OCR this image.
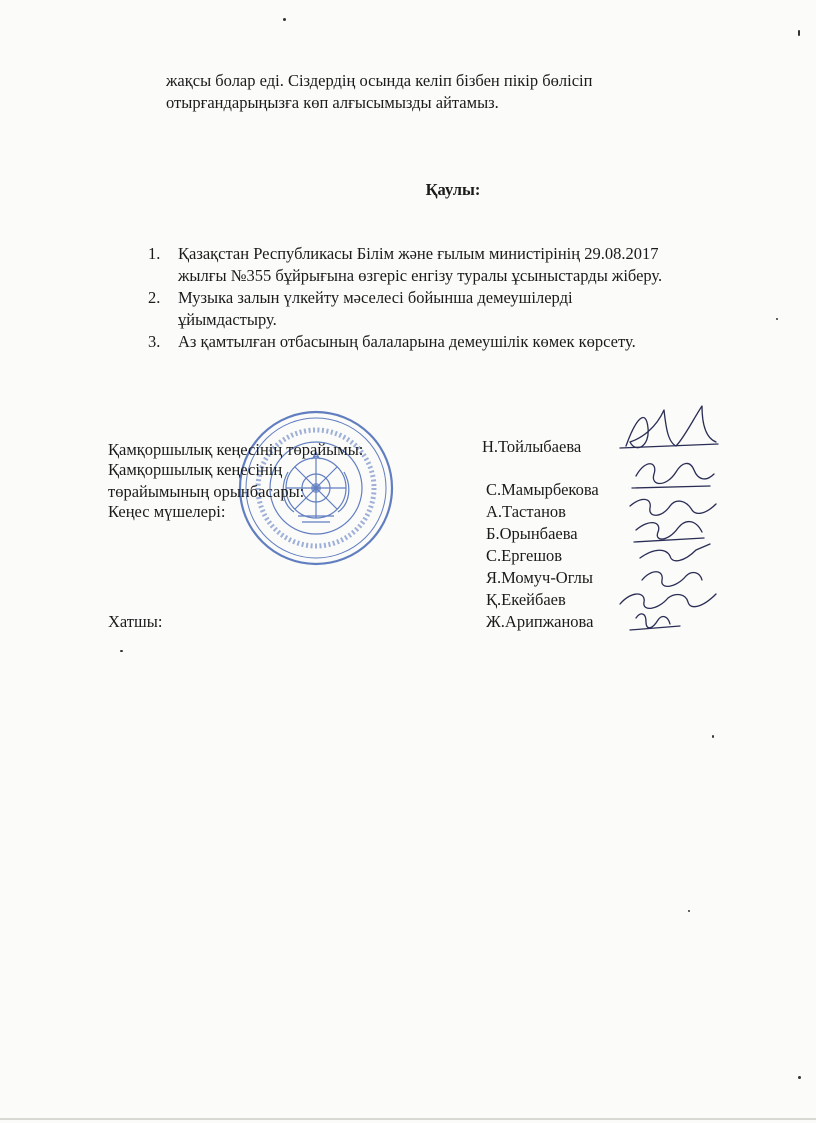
жақсы болар еді. Сіздердің осында келіп бізбен пікір бөлісіп
отырғандарыңызға көп алғысымызды айтамыз.
Қаулы:
1. Қазақстан Республикасы Білім және ғылым министірінің 29.08.2017
жылғы №355 бұйрығына өзгеріс енгізу туралы ұсыныстарды жіберу.
2. Музыка залын үлкейту мәселесі бойынша демеушілерді
ұйымдастыру.
3. Аз қамтылған отбасының балаларына демеушілік көмек көрсету.
Қамқоршылық кеңесінің төрайымы:	Н.Тойлыбаева
Қамқоршылық кеңесінің
төрайымының орынбасары:	С.Мамырбекова
Кеңес мүшелері:	А.Тастанов
Б.Орынбаева
С.Ергешов
Я.Момуч-Оглы
Қ.Екейбаев
Хатшы:	Ж.Арипжанова
